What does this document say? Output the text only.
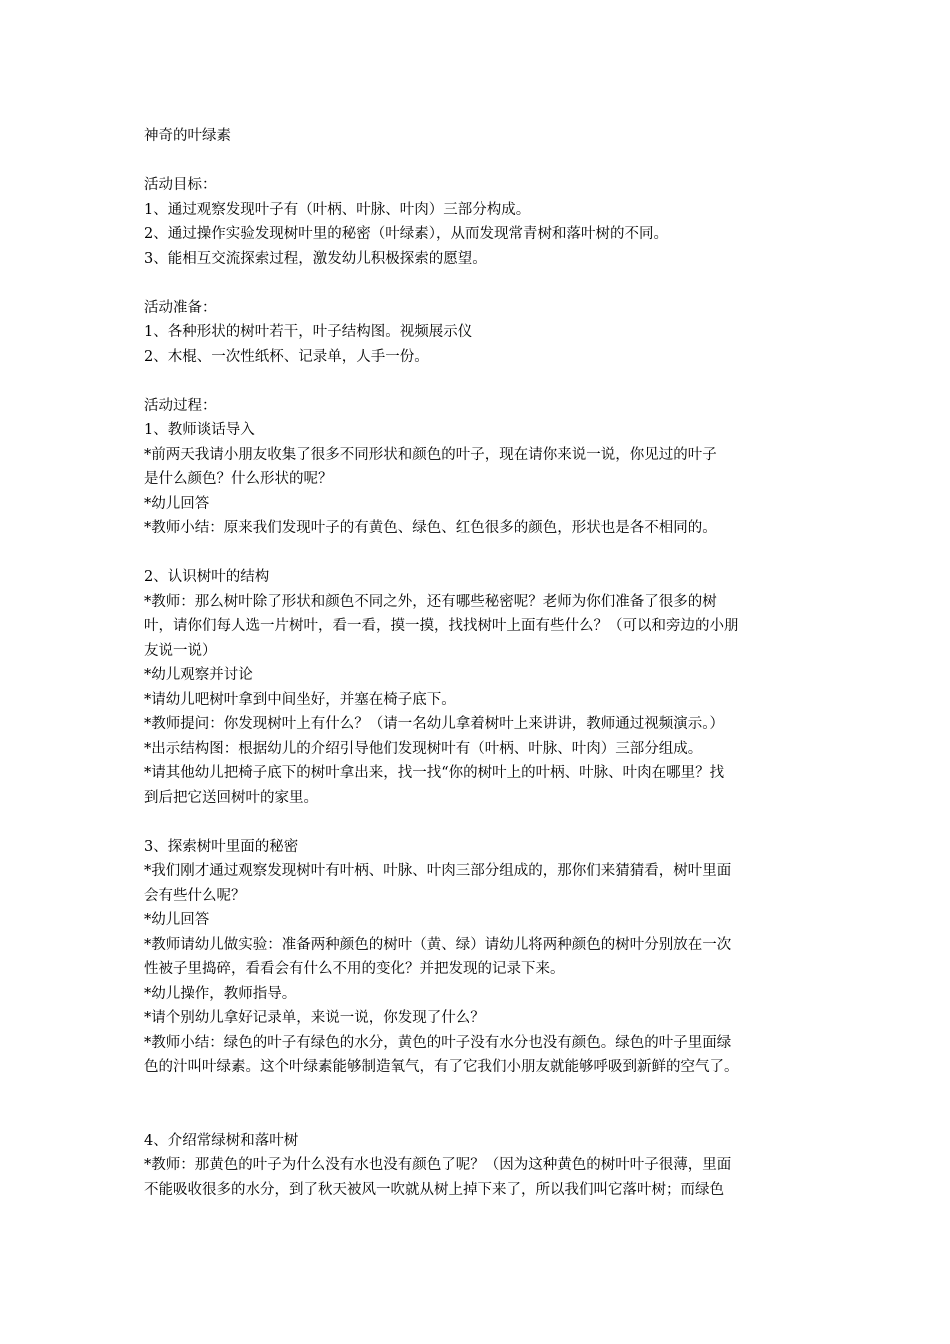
神奇的叶绿素
活动目标：
1、通过观察发现叶子有（叶柄、叶脉、叶肉）三部分构成。
2、通过操作实验发现树叶里的秘密（叶绿素），从而发现常青树和落叶树的不同。
3、能相互交流探索过程，激发幼儿积极探索的愿望。
活动准备：
1、各种形状的树叶若干，叶子结构图。视频展示仪
2、木棍、一次性纸杯、记录单，人手一份。
活动过程：
1、教师谈话导入
*前两天我请小朋友收集了很多不同形状和颜色的叶子，现在请你来说一说，你见过的叶子
是什么颜色？什么形状的呢？
*幼儿回答
*教师小结：原来我们发现叶子的有黄色、绿色、红色很多的颜色，形状也是各不相同的。
2、认识树叶的结构
*教师：那么树叶除了形状和颜色不同之外，还有哪些秘密呢？老师为你们准备了很多的树
叶，请你们每人选一片树叶，看一看，摸一摸，找找树叶上面有些什么？（可以和旁边的小朋
友说一说）
*幼儿观察并讨论
*请幼儿吧树叶拿到中间坐好，并塞在椅子底下。
*教师提问：你发现树叶上有什么？（请一名幼儿拿着树叶上来讲讲，教师通过视频演示。）
*出示结构图：根据幼儿的介绍引导他们发现树叶有（叶柄、叶脉、叶肉）三部分组成。
*请其他幼儿把椅子底下的树叶拿出来，找一找“你的树叶上的叶柄、叶脉、叶肉在哪里？找
到后把它送回树叶的家里。
3、探索树叶里面的秘密
*我们刚才通过观察发现树叶有叶柄、叶脉、叶肉三部分组成的，那你们来猜猜看，树叶里面
会有些什么呢？
*幼儿回答
*教师请幼儿做实验：准备两种颜色的树叶（黄、绿）请幼儿将两种颜色的树叶分别放在一次
性被子里捣碎，看看会有什么不用的变化？并把发现的记录下来。
*幼儿操作，教师指导。
*请个别幼儿拿好记录单，来说一说，你发现了什么？
*教师小结：绿色的叶子有绿色的水分，黄色的叶子没有水分也没有颜色。绿色的叶子里面绿
色的汁叫叶绿素。这个叶绿素能够制造氧气，有了它我们小朋友就能够呼吸到新鲜的空气了。
4、介绍常绿树和落叶树
*教师：那黄色的叶子为什么没有水也没有颜色了呢？（因为这种黄色的树叶叶子很薄，里面
不能吸收很多的水分，到了秋天被风一吹就从树上掉下来了，所以我们叫它落叶树；而绿色
